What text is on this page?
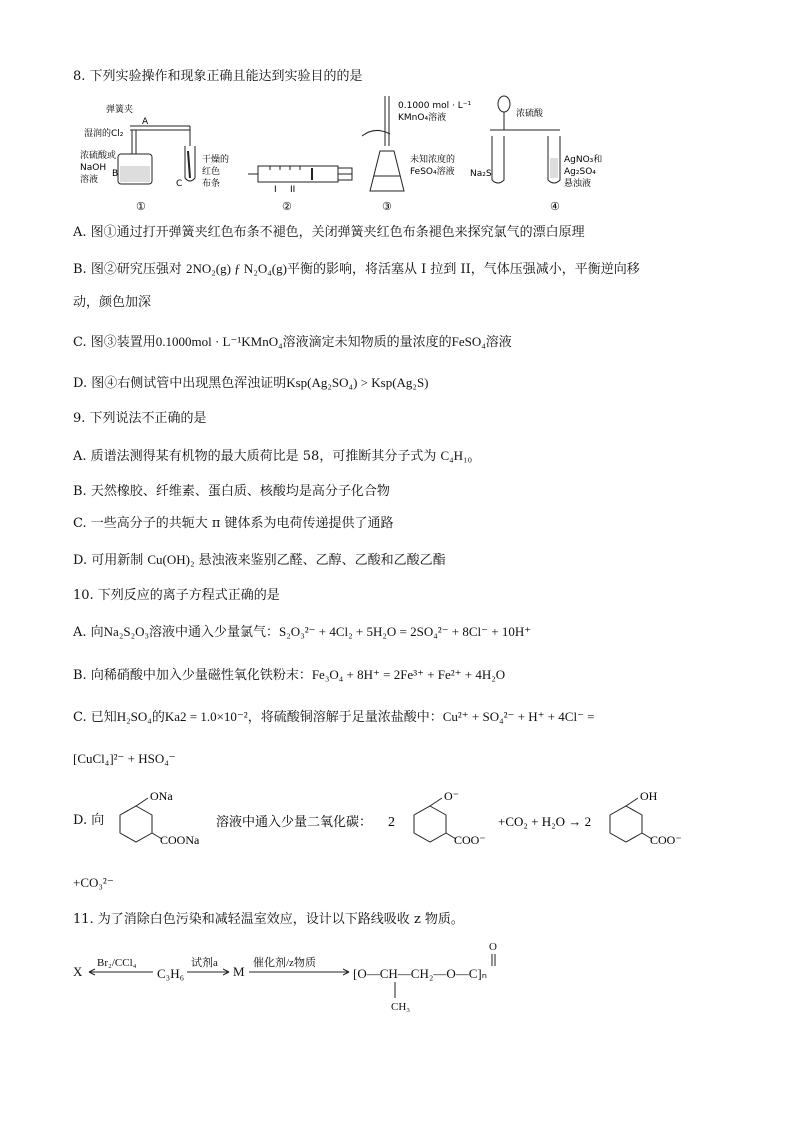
8. 下列实验操作和现象正确且能达到实验目的的是
弹簧夹
湿润的Cl₂
A
浓硫酸或
NaOH
溶液
B
C
干燥的
红色
布条
①
I II
②
0.1000 mol · L⁻¹
KMnO₄溶液
未知浓度的
FeSO₄溶液
③
浓硫酸
Na₂S
AgNO₃和
Ag₂SO₄
悬浊液
④
A. 图①通过打开弹簧夹红色布条不褪色，关闭弹簧夹红色布条褪色来探究氯气的漂白原理
B. 图②研究压强对 2NO₂(g) ƒ N₂O₄(g)平衡的影响，将活塞从 I 拉到 II，气体压强减小，平衡逆向移
动，颜色加深
C. 图③装置用0.1000mol · L⁻¹KMnO₄溶液滴定未知物质的量浓度的FeSO₄溶液
D. 图④右侧试管中出现黑色浑浊证明Ksp(Ag₂SO₄) > Ksp(Ag₂S)
9. 下列说法不正确的是
A. 质谱法测得某有机物的最大质荷比是 58，可推断其分子式为 C₄H₁₀
B. 天然橡胶、纤维素、蛋白质、核酸均是高分子化合物
C. 一些高分子的共轭大 π 键体系为电荷传递提供了通路
D. 可用新制 Cu(OH)₂ 悬浊液来鉴别乙醛、乙醇、乙酸和乙酸乙酯
10. 下列反应的离子方程式正确的是
A. 向Na₂S₂O₃溶液中通入少量氯气：S₂O₃²⁻ + 4Cl₂ + 5H₂O = 2SO₄²⁻ + 8Cl⁻ + 10H⁺
B. 向稀硝酸中加入少量磁性氧化铁粉末：Fe₃O₄ + 8H⁺ = 2Fe³⁺ + Fe²⁺ + 4H₂O
C. 已知H₂SO₄的Ka2 = 1.0×10⁻²，将硫酸铜溶解于足量浓盐酸中：Cu²⁺ + SO₄²⁻ + H⁺ + 4Cl⁻ =
[CuCl₄]²⁻ + HSO₄⁻
D. 向
ONa
COONa
溶液中通入少量二氧化碳： 2
O⁻
COO⁻
+CO₂ + H₂O → 2
OH
COO⁻
+CO₃²⁻
11. 为了消除白色污染和减轻温室效应，设计以下路线吸收 z 物质。
X
Br₂/CCl₄
C₃H₆
试剂a
M
催化剂/z物质
[O—CH—CH₂—O—C]ₙ
CH₃
O
